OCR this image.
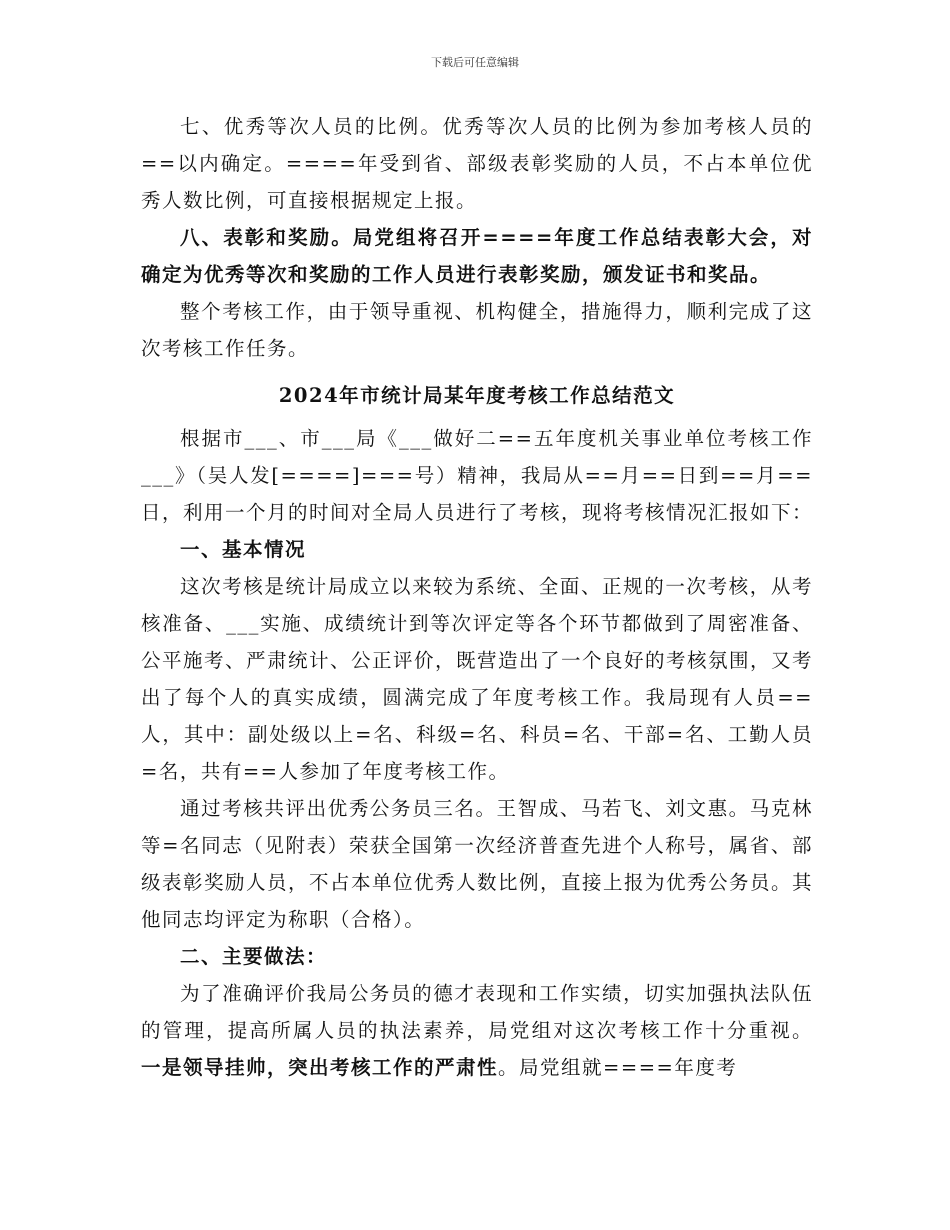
下载后可任意编辑

七、优秀等次人员的比例。优秀等次人员的比例为参加考核人员的==以内确定。====年受到省、部级表彰奖励的人员，不占本单位优秀人数比例，可直接根据规定上报。

八、表彰和奖励。局党组将召开====年度工作总结表彰大会，对确定为优秀等次和奖励的工作人员进行表彰奖励，颁发证书和奖品。

整个考核工作，由于领导重视、机构健全，措施得力，顺利完成了这次考核工作任务。

2024年市统计局某年度考核工作总结范文

根据市___、市___局《___做好二==五年度机关事业单位考核工作___》（吴人发[====]===号）精神，我局从==月==日到==月==日，利用一个月的时间对全局人员进行了考核，现将考核情况汇报如下：

一、基本情况

这次考核是统计局成立以来较为系统、全面、正规的一次考核，从考核准备、___实施、成绩统计到等次评定等各个环节都做到了周密准备、公平施考、严肃统计、公正评价，既营造出了一个良好的考核氛围，又考出了每个人的真实成绩，圆满完成了年度考核工作。我局现有人员==人，其中：副处级以上=名、科级=名、科员=名、干部=名、工勤人员=名，共有==人参加了年度考核工作。

通过考核共评出优秀公务员三名。王智成、马若飞、刘文惠。马克林等=名同志（见附表）荣获全国第一次经济普查先进个人称号，属省、部级表彰奖励人员，不占本单位优秀人数比例，直接上报为优秀公务员。其他同志均评定为称职（合格）。

二、主要做法：

为了准确评价我局公务员的德才表现和工作实绩，切实加强执法队伍的管理，提高所属人员的执法素养，局党组对这次考核工作十分重视。一是领导挂帅，突出考核工作的严肃性。局党组就====年度考
